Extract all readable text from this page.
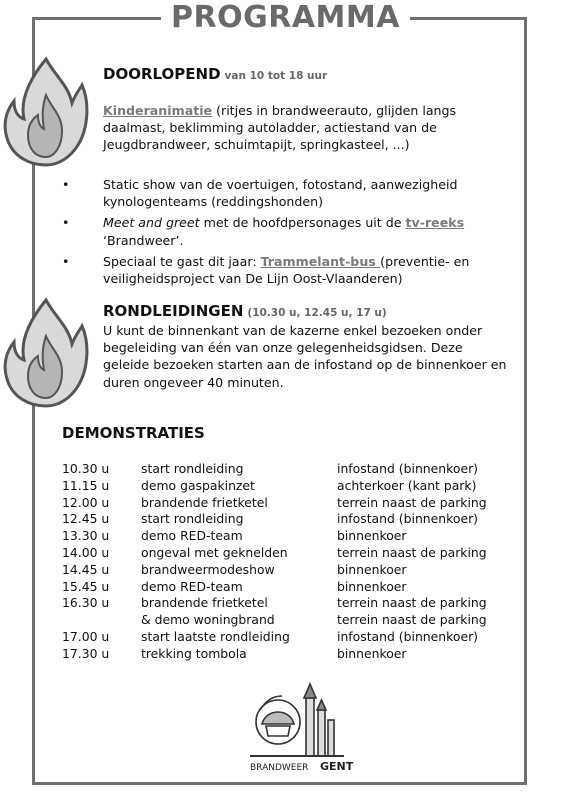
PROGRAMMA
DOORLOPEND van 10 tot 18 uur
Kinderanimatie (ritjes in brandweerauto, glijden langs daalmast, beklimming autoladder, actiestand van de Jeugdbrandweer, schuimtapijt, springkasteel, ...)
•	Static show van de voertuigen, fotostand, aanwezigheid kynologenteams (reddingshonden)
•	Meet and greet met de hoofdpersonages uit de tv-reeks ‘Brandweer’.
•	Speciaal te gast dit jaar: Trammelant-bus (preventie- en veiligheidsproject van De Lijn Oost-Vlaanderen)
RONDLEIDINGEN (10.30 u, 12.45 u, 17 u)
U kunt de binnenkant van de kazerne enkel bezoeken onder begeleiding van één van onze gelegenheidsgidsen. Deze geleide bezoeken starten aan de infostand op de binnenkoer en duren ongeveer 40 minuten.
DEMONSTRATIES
10.30 u	start rondleiding	infostand (binnenkoer)
11.15 u	demo gaspakinzet	achterkoer (kant park)
12.00 u	brandende frietketel	terrein naast de parking
12.45 u	start rondleiding	infostand (binnenkoer)
13.30 u	demo RED-team	binnenkoer
14.00 u	ongeval met geknelden	terrein naast de parking
14.45 u	brandweermodeshow	binnenkoer
15.45 u	demo RED-team	binnenkoer
16.30 u	brandende frietketel	terrein naast de parking
	& demo woningbrand	terrein naast de parking
17.00 u	start laatste rondleiding	infostand (binnenkoer)
17.30 u	trekking tombola	binnenkoer
BRANDWEER GENT
